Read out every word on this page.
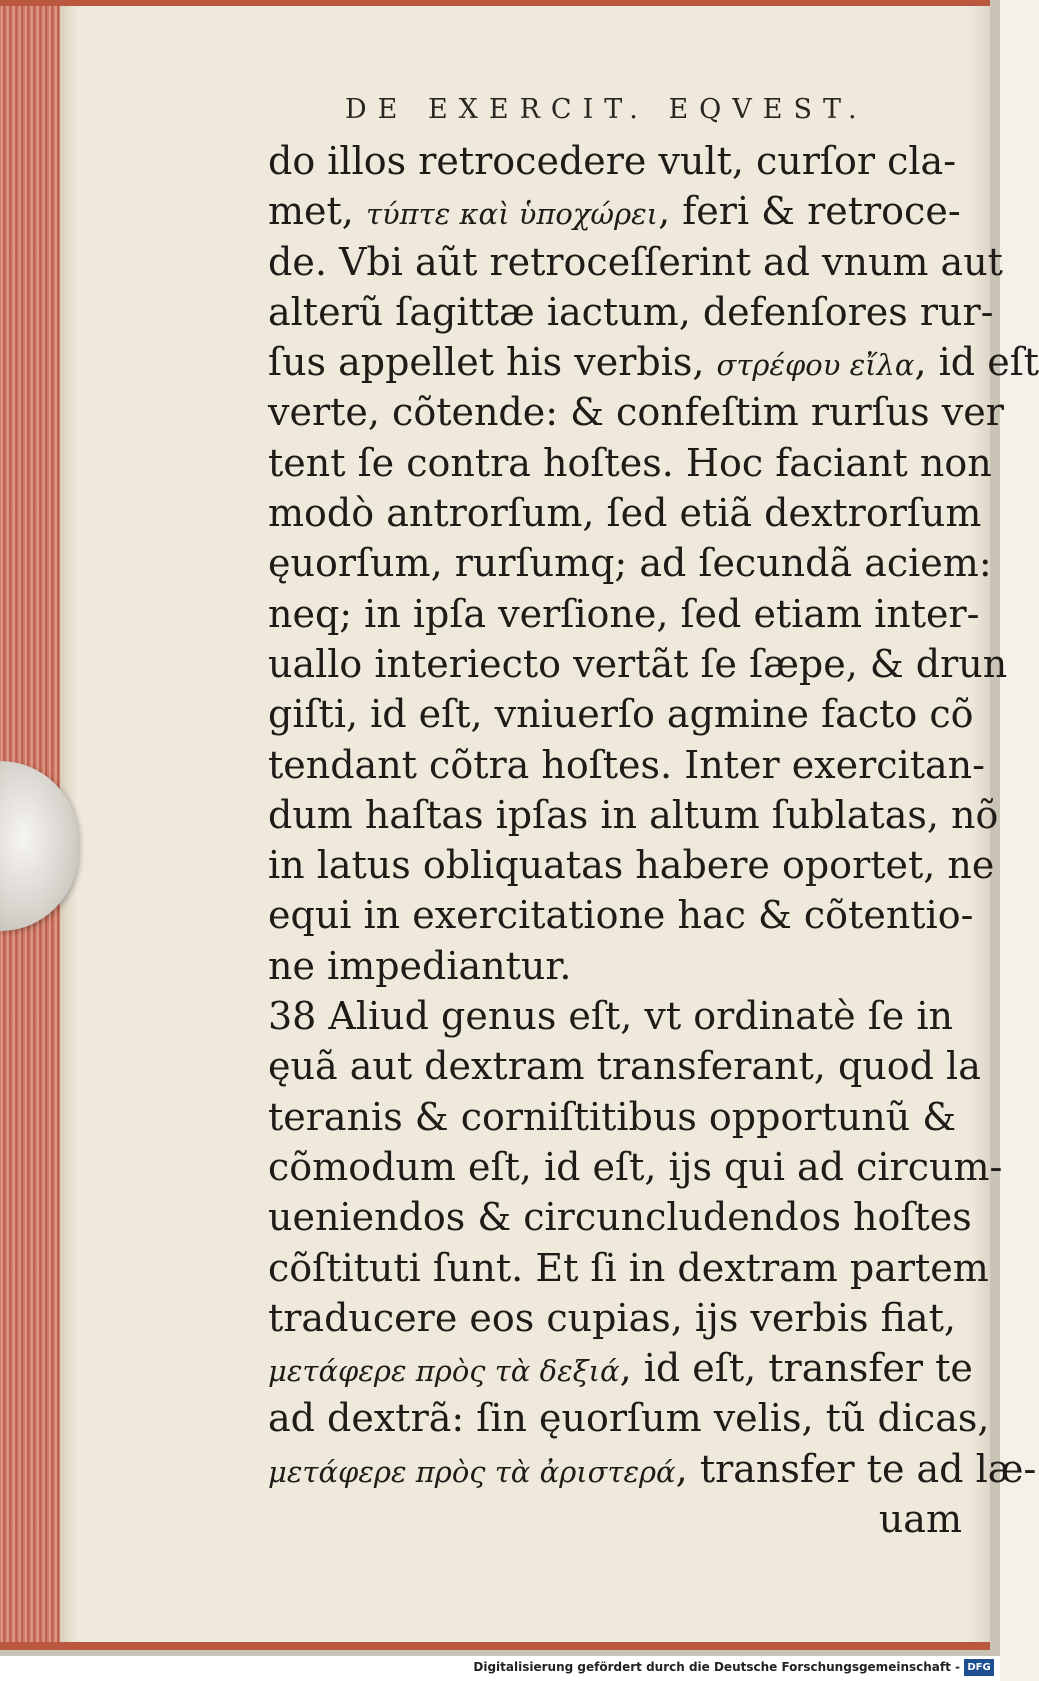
DE EXERCIT. EQVEST.
do illos retrocedere vult, curſor cla-
met, τύπτε καὶ ὑποχώρει, feri & retroce-
de. Vbi aũt retroceſſerint ad vnum aut
alterũ ſagittæ iactum, defenſores rur-
ſus appellet his verbis, στρέφου εἴλα, id eſt
verte, cõtende: & confeſtim rurſus ver
tent ſe contra hoſtes. Hoc faciant non
modò antrorſum, ſed etiã dextrorſum
ęuorſum, rurſumq; ad ſecundã aciem:
neq; in ipſa verſione, ſed etiam inter-
uallo interiecto vertãt ſe ſæpe, & drun
giſti, id eſt, vniuerſo agmine facto cõ
tendant cõtra hoſtes. Inter exercitan-
dum haſtas ipſas in altum ſublatas, nõ
in latus obliquatas habere oportet, ne
equi in exercitatione hac & cõtentio-
ne impediantur.
38 Aliud genus eſt, vt ordinatè ſe in
ęuã aut dextram transferant, quod la
teranis & corniſtitibus opportunũ &
cõmodum eſt, id eſt, ijs qui ad circum-
ueniendos & circuncludendos hoſtes
cõſtituti ſunt. Et ſi in dextram partem
traducere eos cupias, ijs verbis fiat,
μετάφερε πρὸς τὰ δεξιά, id eſt, transfer te
ad dextrã: ſin ęuorſum velis, tũ dicas,
μετάφερε πρὸς τὰ ἀριστερά, transfer te ad læ-
uam
Digitalisierung gefördert durch die Deutsche Forschungsgemeinschaft - DFG
